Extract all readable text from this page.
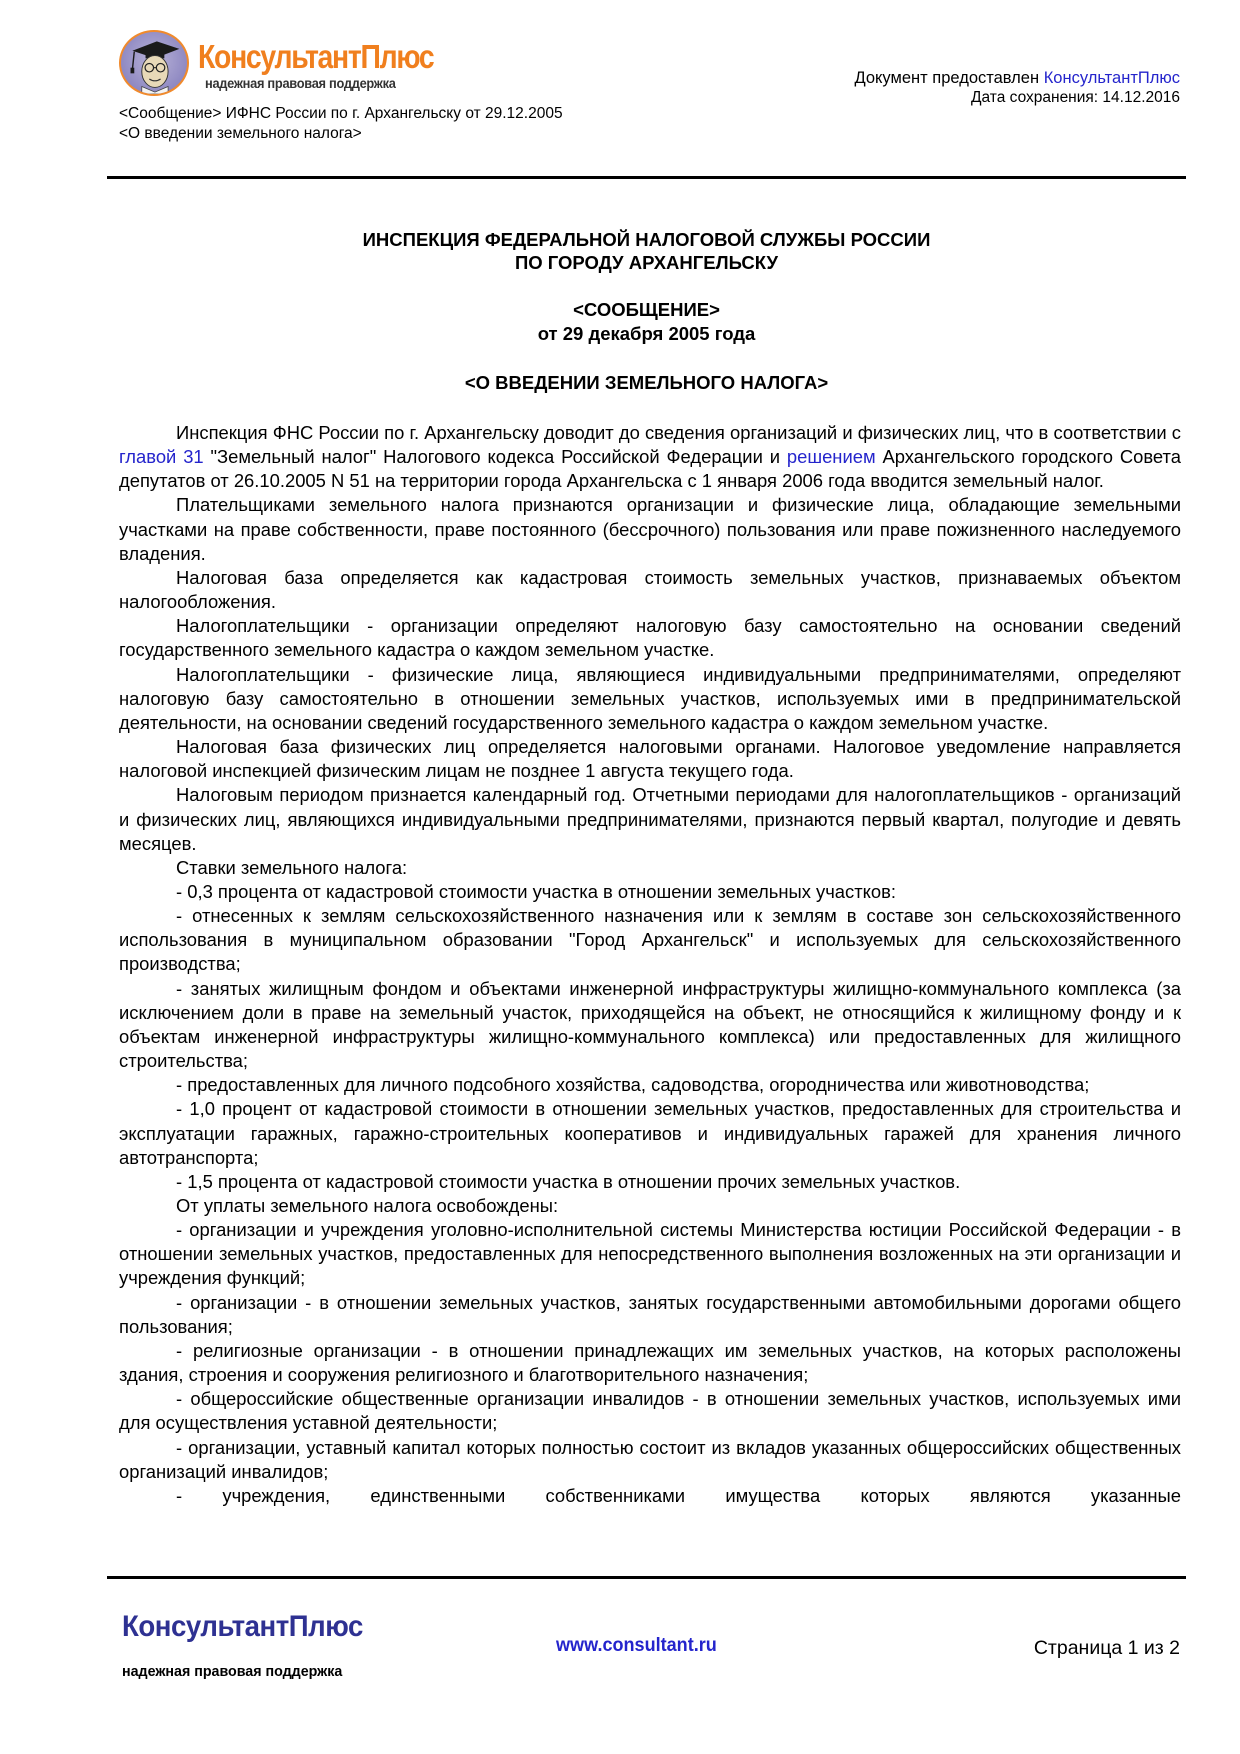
КонсультантПлюс
надежная правовая поддержка
<Сообщение> ИФНС России по г. Архангельску от 29.12.2005
<О введении земельного налога>
Документ предоставлен КонсультантПлюс
Дата сохранения: 14.12.2016
ИНСПЕКЦИЯ ФЕДЕРАЛЬНОЙ НАЛОГОВОЙ СЛУЖБЫ РОССИИ
ПО ГОРОДУ АРХАНГЕЛЬСКУ
<СООБЩЕНИЕ>
от 29 декабря 2005 года
<О ВВЕДЕНИИ ЗЕМЕЛЬНОГО НАЛОГА>

Инспекция ФНС России по г. Архангельску доводит до сведения организаций и физических лиц, что в соответствии с главой 31 "Земельный налог" Налогового кодекса Российской Федерации и решением Архангельского городского Совета депутатов от 26.10.2005 N 51 на территории города Архангельска с 1 января 2006 года вводится земельный налог.

Плательщиками земельного налога признаются организации и физические лица, обладающие земельными участками на праве собственности, праве постоянного (бессрочного) пользования или праве пожизненного наследуемого владения.

Налоговая база определяется как кадастровая стоимость земельных участков, признаваемых объектом налогообложения.

Налогоплательщики - организации определяют налоговую базу самостоятельно на основании сведений государственного земельного кадастра о каждом земельном участке.

Налогоплательщики - физические лица, являющиеся индивидуальными предпринимателями, определяют налоговую базу самостоятельно в отношении земельных участков, используемых ими в предпринимательской деятельности, на основании сведений государственного земельного кадастра о каждом земельном участке.

Налоговая база физических лиц определяется налоговыми органами. Налоговое уведомление направляется налоговой инспекцией физическим лицам не позднее 1 августа текущего года.

Налоговым периодом признается календарный год. Отчетными периодами для налогоплательщиков - организаций и физических лиц, являющихся индивидуальными предпринимателями, признаются первый квартал, полугодие и девять месяцев.

Ставки земельного налога:

- 0,3 процента от кадастровой стоимости участка в отношении земельных участков:

- отнесенных к землям сельскохозяйственного назначения или к землям в составе зон сельскохозяйственного использования в муниципальном образовании "Город Архангельск" и используемых для сельскохозяйственного производства;

- занятых жилищным фондом и объектами инженерной инфраструктуры жилищно-коммунального комплекса (за исключением доли в праве на земельный участок, приходящейся на объект, не относящийся к жилищному фонду и к объектам инженерной инфраструктуры жилищно-коммунального комплекса) или предоставленных для жилищного строительства;

- предоставленных для личного подсобного хозяйства, садоводства, огородничества или животноводства;

- 1,0 процент от кадастровой стоимости в отношении земельных участков, предоставленных для строительства и эксплуатации гаражных, гаражно-строительных кооперативов и индивидуальных гаражей для хранения личного автотранспорта;

- 1,5 процента от кадастровой стоимости участка в отношении прочих земельных участков.

От уплаты земельного налога освобождены:

- организации и учреждения уголовно-исполнительной системы Министерства юстиции Российской Федерации - в отношении земельных участков, предоставленных для непосредственного выполнения возложенных на эти организации и учреждения функций;

- организации - в отношении земельных участков, занятых государственными автомобильными дорогами общего пользования;

- религиозные организации - в отношении принадлежащих им земельных участков, на которых расположены здания, строения и сооружения религиозного и благотворительного назначения;

- общероссийские общественные организации инвалидов - в отношении земельных участков, используемых ими для осуществления уставной деятельности;

- организации, уставный капитал которых полностью состоит из вкладов указанных общероссийских общественных организаций инвалидов;

- учреждения, единственными собственниками имущества которых являются указанные

КонсультантПлюс
надежная правовая поддержка
www.consultant.ru	Страница 1 из 2
